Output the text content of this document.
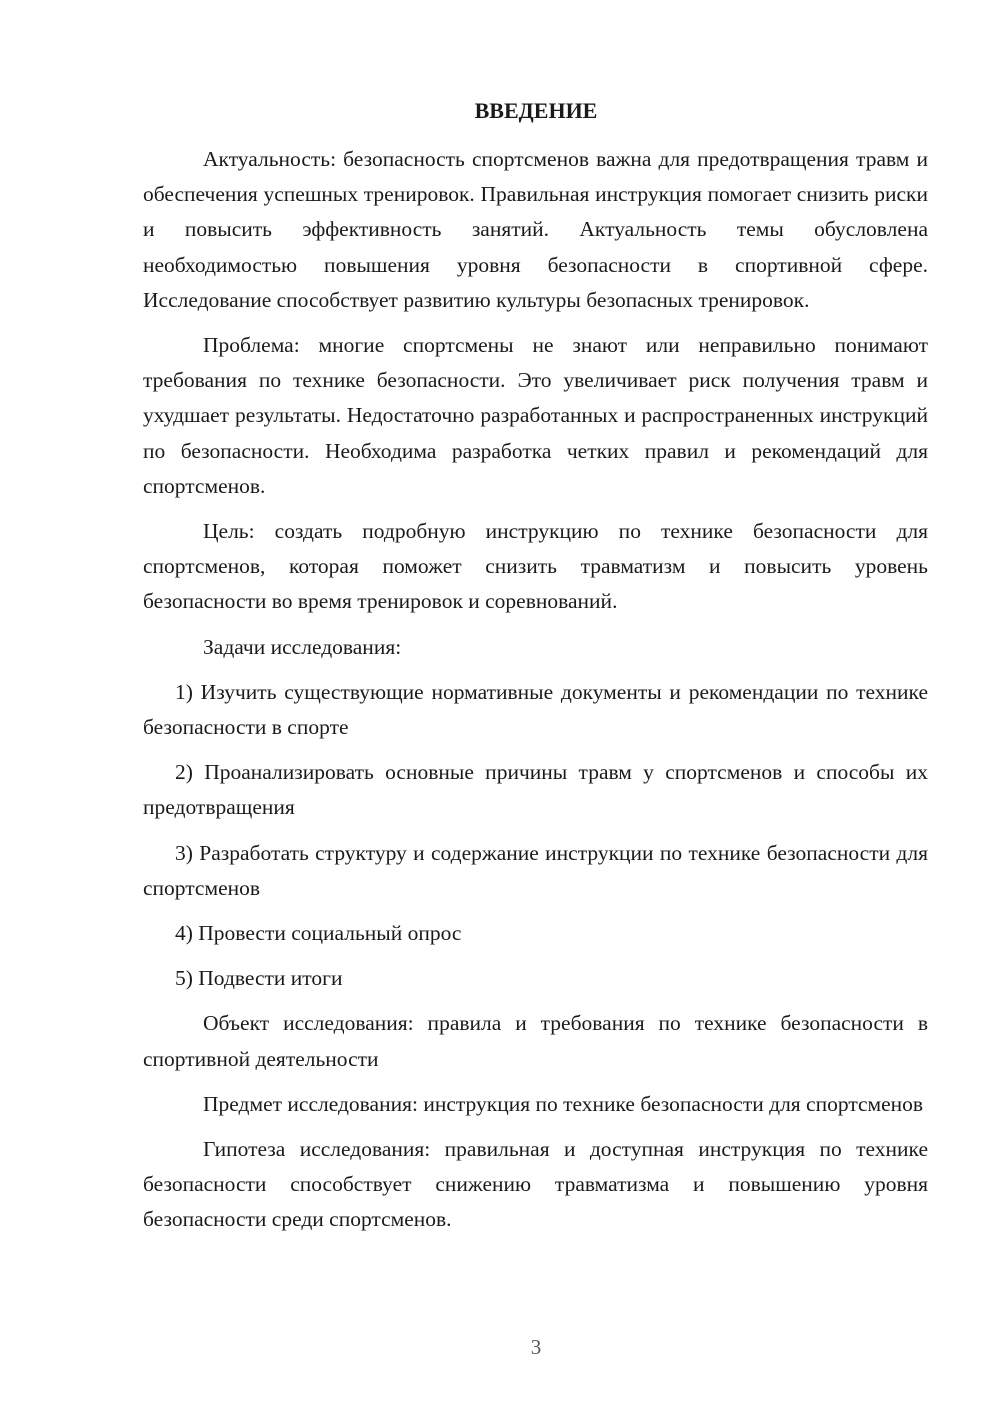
ВВЕДЕНИЕ

Актуальность: безопасность спортсменов важна для предотвращения травм и обеспечения успешных тренировок. Правильная инструкция помогает снизить риски и повысить эффективность занятий. Актуальность темы обусловлена необходимостью повышения уровня безопасности в спортивной сфере. Исследование способствует развитию культуры безопасных тренировок.

Проблема: многие спортсмены не знают или неправильно понимают требования по технике безопасности. Это увеличивает риск получения травм и ухудшает результаты. Недостаточно разработанных и распространенных инструкций по безопасности. Необходима разработка четких правил и рекомендаций для спортсменов.

Цель: создать подробную инструкцию по технике безопасности для спортсменов, которая поможет снизить травматизм и повысить уровень безопасности во время тренировок и соревнований.

Задачи исследования:

1) Изучить существующие нормативные документы и рекомендации по технике безопасности в спорте

2) Проанализировать основные причины травм у спортсменов и способы их предотвращения

3) Разработать структуру и содержание инструкции по технике безопасности для спортсменов

4) Провести социальный опрос

5) Подвести итоги

Объект исследования: правила и требования по технике безопасности в спортивной деятельности

Предмет исследования: инструкция по технике безопасности для спортсменов

Гипотеза исследования: правильная и доступная инструкция по технике безопасности способствует снижению травматизма и повышению уровня безопасности среди спортсменов.

3
